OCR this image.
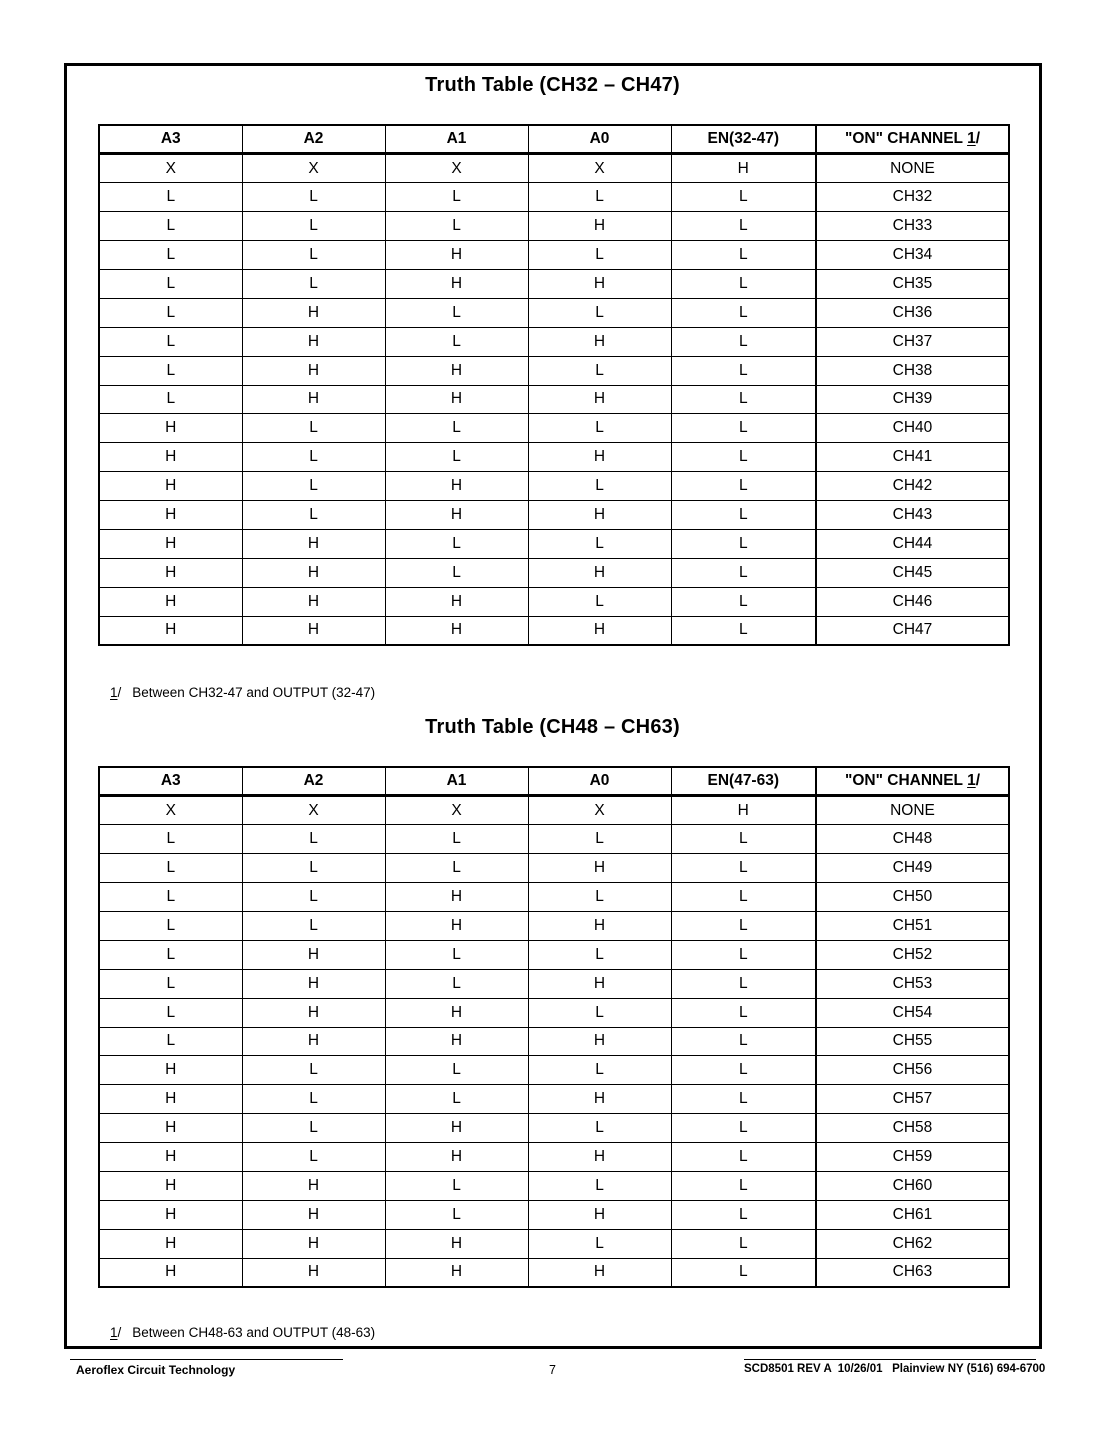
Truth Table (CH32 – CH47)
A3	A2	A1	A0	EN(32-47)	"ON" CHANNEL 1/
X	X	X	X	H	NONE
L	L	L	L	L	CH32
L	L	L	H	L	CH33
L	L	H	L	L	CH34
L	L	H	H	L	CH35
L	H	L	L	L	CH36
L	H	L	H	L	CH37
L	H	H	L	L	CH38
L	H	H	H	L	CH39
H	L	L	L	L	CH40
H	L	L	H	L	CH41
H	L	H	L	L	CH42
H	L	H	H	L	CH43
H	H	L	L	L	CH44
H	H	L	H	L	CH45
H	H	H	L	L	CH46
H	H	H	H	L	CH47

1/ Between CH32-47 and OUTPUT (32-47)

Truth Table (CH48 – CH63)
A3	A2	A1	A0	EN(47-63)	"ON" CHANNEL 1/
X	X	X	X	H	NONE
L	L	L	L	L	CH48
L	L	L	H	L	CH49
L	L	H	L	L	CH50
L	L	H	H	L	CH51
L	H	L	L	L	CH52
L	H	L	H	L	CH53
L	H	H	L	L	CH54
L	H	H	H	L	CH55
H	L	L	L	L	CH56
H	L	L	H	L	CH57
H	L	H	L	L	CH58
H	L	H	H	L	CH59
H	H	L	L	L	CH60
H	H	L	H	L	CH61
H	H	H	L	L	CH62
H	H	H	H	L	CH63

1/ Between CH48-63 and OUTPUT (48-63)

Aeroflex Circuit Technology	7	SCD8501 REV A  10/26/01   Plainview NY (516) 694-6700
